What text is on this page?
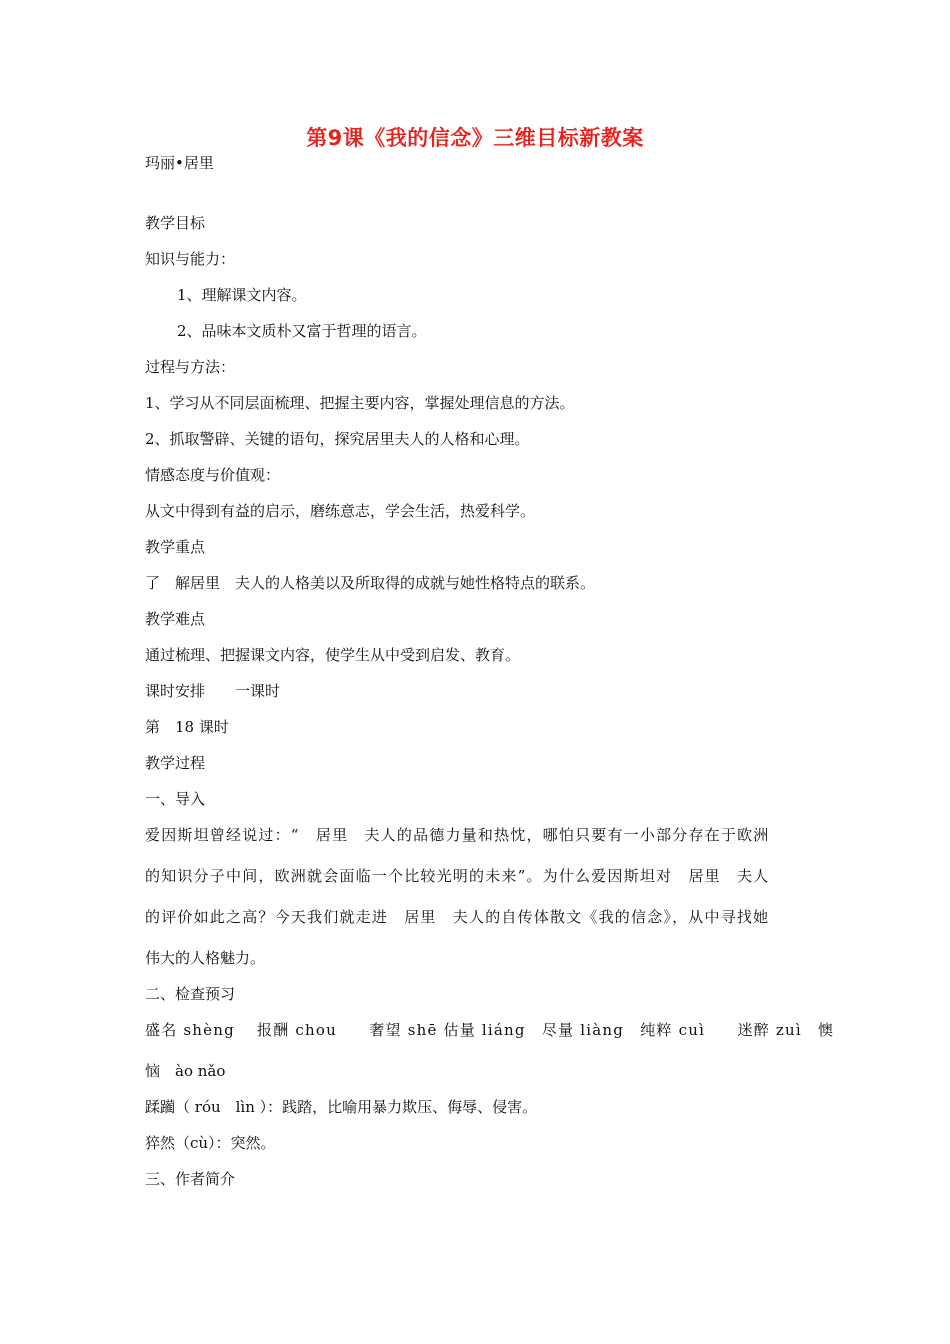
第9课《我的信念》三维目标新教案
玛丽•居里
教学目标
知识与能力：
1、理解课文内容。
2、品味本文质朴又富于哲理的语言。
过程与方法：
1、学习从不同层面梳理、把握主要内容，掌握处理信息的方法。
2、抓取警辟、关键的语句，探究居里夫人的人格和心理。
情感态度与价值观：
从文中得到有益的启示，磨练意志，学会生活，热爱科学。
教学重点
了　解居里　夫人的人格美以及所取得的成就与她性格特点的联系。
教学难点
通过梳理、把握课文内容，使学生从中受到启发、教育。
课时安排　　一课时
第　18 课时
教学过程
一、导入
爱因斯坦曾经说过：“　居里　夫人的品德力量和热忱，哪怕只要有一小部分存在于欧洲
的知识分子中间，欧洲就会面临一个比较光明的未来”。为什么爱因斯坦对　居里　夫人
的评价如此之高？今天我们就走进　居里　夫人的自传体散文《我的信念》，从中寻找她
伟大的人格魅力。
二、检查预习
盛名 shèng　 报酬 chou　　奢望 shē 估量 liáng　尽量 liàng　纯粹 cuì　　迷醉 zuì　懊
恼　ào nǎo
蹂躏（ róu　lìn ）：践踏，比喻用暴力欺压、侮辱、侵害。
猝然（cù）：突然。
三、作者简介
